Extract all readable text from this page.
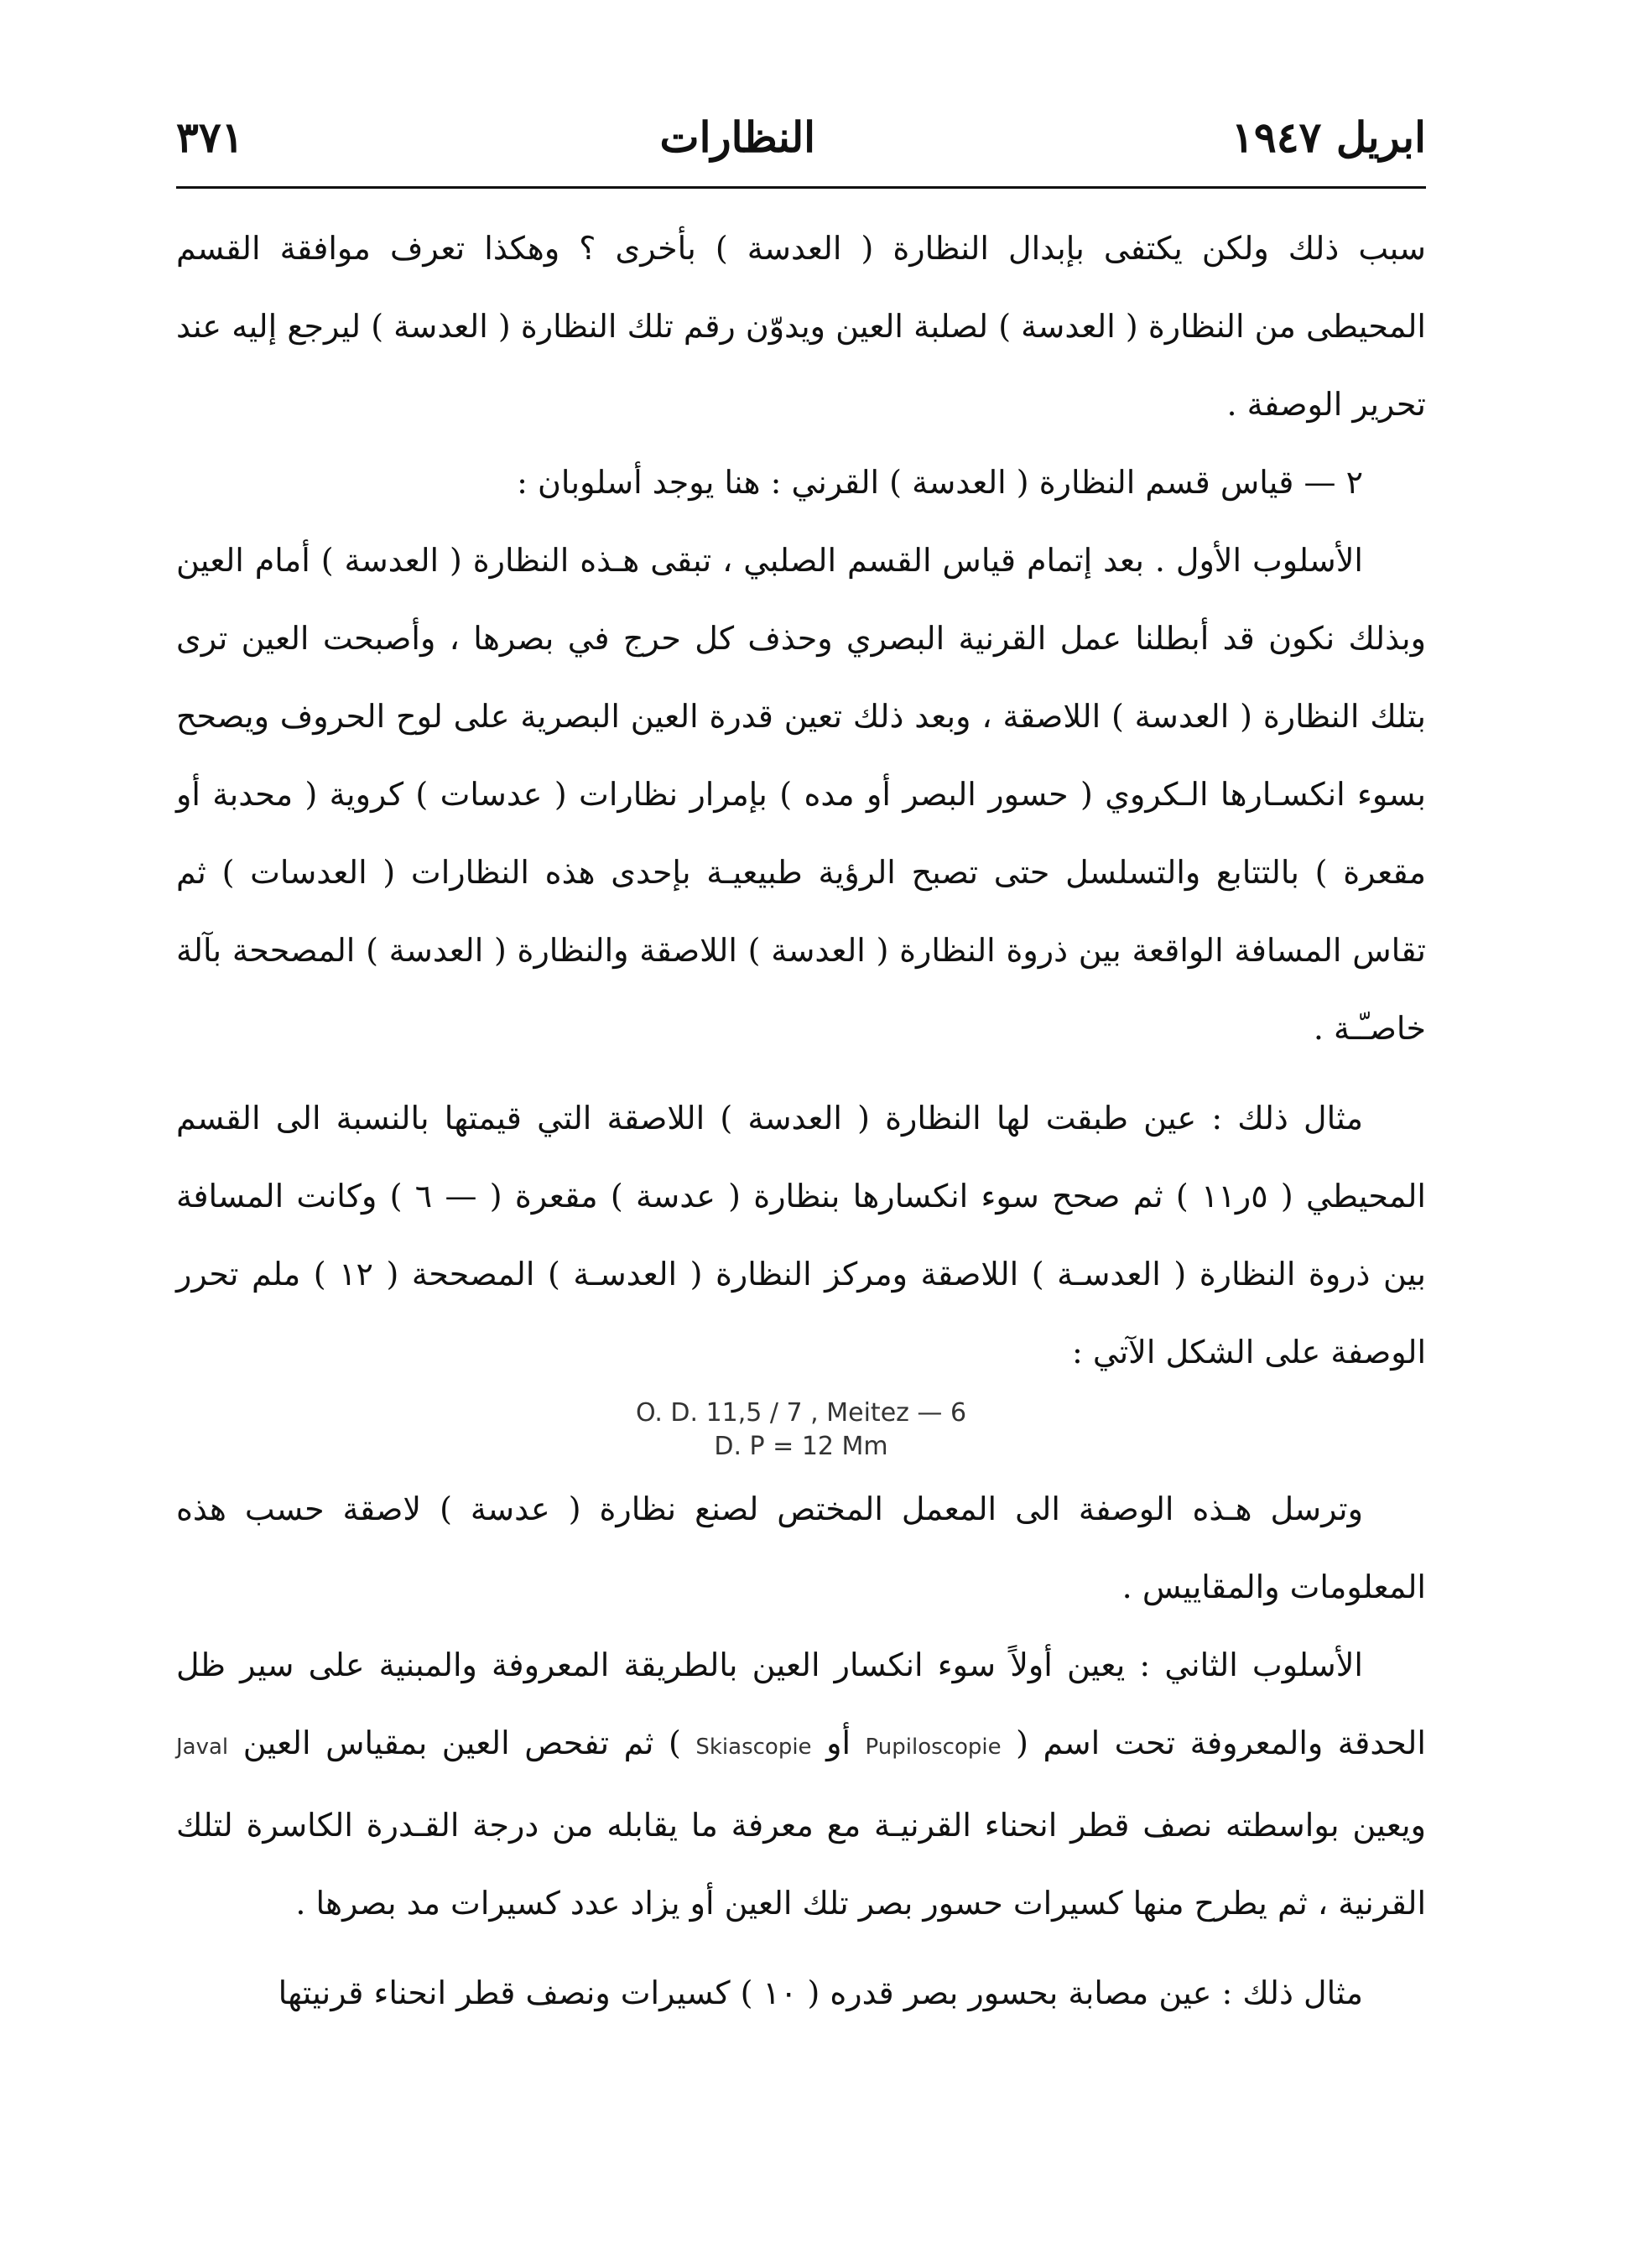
ابريل ١٩٤٧
النظارات
٣٧١

سبب ذلك ولكن يكتفى بإبدال النظارة ( العدسة ) بأخرى ؟ وهكذا تعرف موافقة القسم المحيطى من النظارة ( العدسة ) لصلبة العين ويدوّن رقم تلك النظارة ( العدسة ) ليرجع إليه عند تحرير الوصفة .

٢ — قياس قسم النظارة ( العدسة ) القرني : هنا يوجد أسلوبان :

الأسلوب الأول . بعد إتمام قياس القسم الصلبي ، تبقى هـذه النظارة ( العدسة ) أمام العين وبذلك نكون قد أبطلنا عمل القرنية البصري وحذف كل حرج في بصرها ، وأصبحت العين ترى بتلك النظارة ( العدسة ) اللاصقة ، وبعد ذلك تعين قدرة العين البصرية على لوح الحروف ويصحح بسوء انكسـارها الـكروي ( حسور البصر أو مده ) بإمرار نظارات ( عدسات ) كروية ( محدبة أو مقعرة ) بالتتابع والتسلسل حتى تصبح الرؤية طبيعيـة بإحدى هذه النظارات ( العدسات ) ثم تقاس المسافة الواقعة بين ذروة النظارة ( العدسة ) اللاصقة والنظارة ( العدسة ) المصححة بآلة خاصـّـة .

مثال ذلك : عين طبقت لها النظارة ( العدسة ) اللاصقة التي قيمتها بالنسبة الى القسم المحيطي ( ٥ر١١ ) ثم صحح سوء انكسارها بنظارة ( عدسة ) مقعرة ( — ٦ ) وكانت المسافة بين ذروة النظارة ( العدسـة ) اللاصقة ومركز النظارة ( العدسـة ) المصححة ( ١٢ ) ملم تحرر الوصفة على الشكل الآتي :

O. D. 11,5 / 7 , Meitez — 6
D. P = 12 Mm

وترسل هـذه الوصفة الى المعمل المختص لصنع نظارة ( عدسة ) لاصقة حسب هذه المعلومات والمقاييس .

الأسلوب الثاني : يعين أولاً سوء انكسار العين بالطريقة المعروفة والمبنية على سير ظل الحدقة والمعروفة تحت اسم ( Pupiloscopie أو Skiascopie ) ثم تفحص العين بمقياس العين Javal ويعين بواسطته نصف قطر انحناء القرنيـة مع معرفة ما يقابله من درجة القـدرة الكاسرة لتلك القرنية ، ثم يطرح منها كسيرات حسور بصر تلك العين أو يزاد عدد كسيرات مد بصرها .

مثال ذلك : عين مصابة بحسور بصر قدره ( ١٠ ) كسيرات ونصف قطر انحناء قرنيتها
